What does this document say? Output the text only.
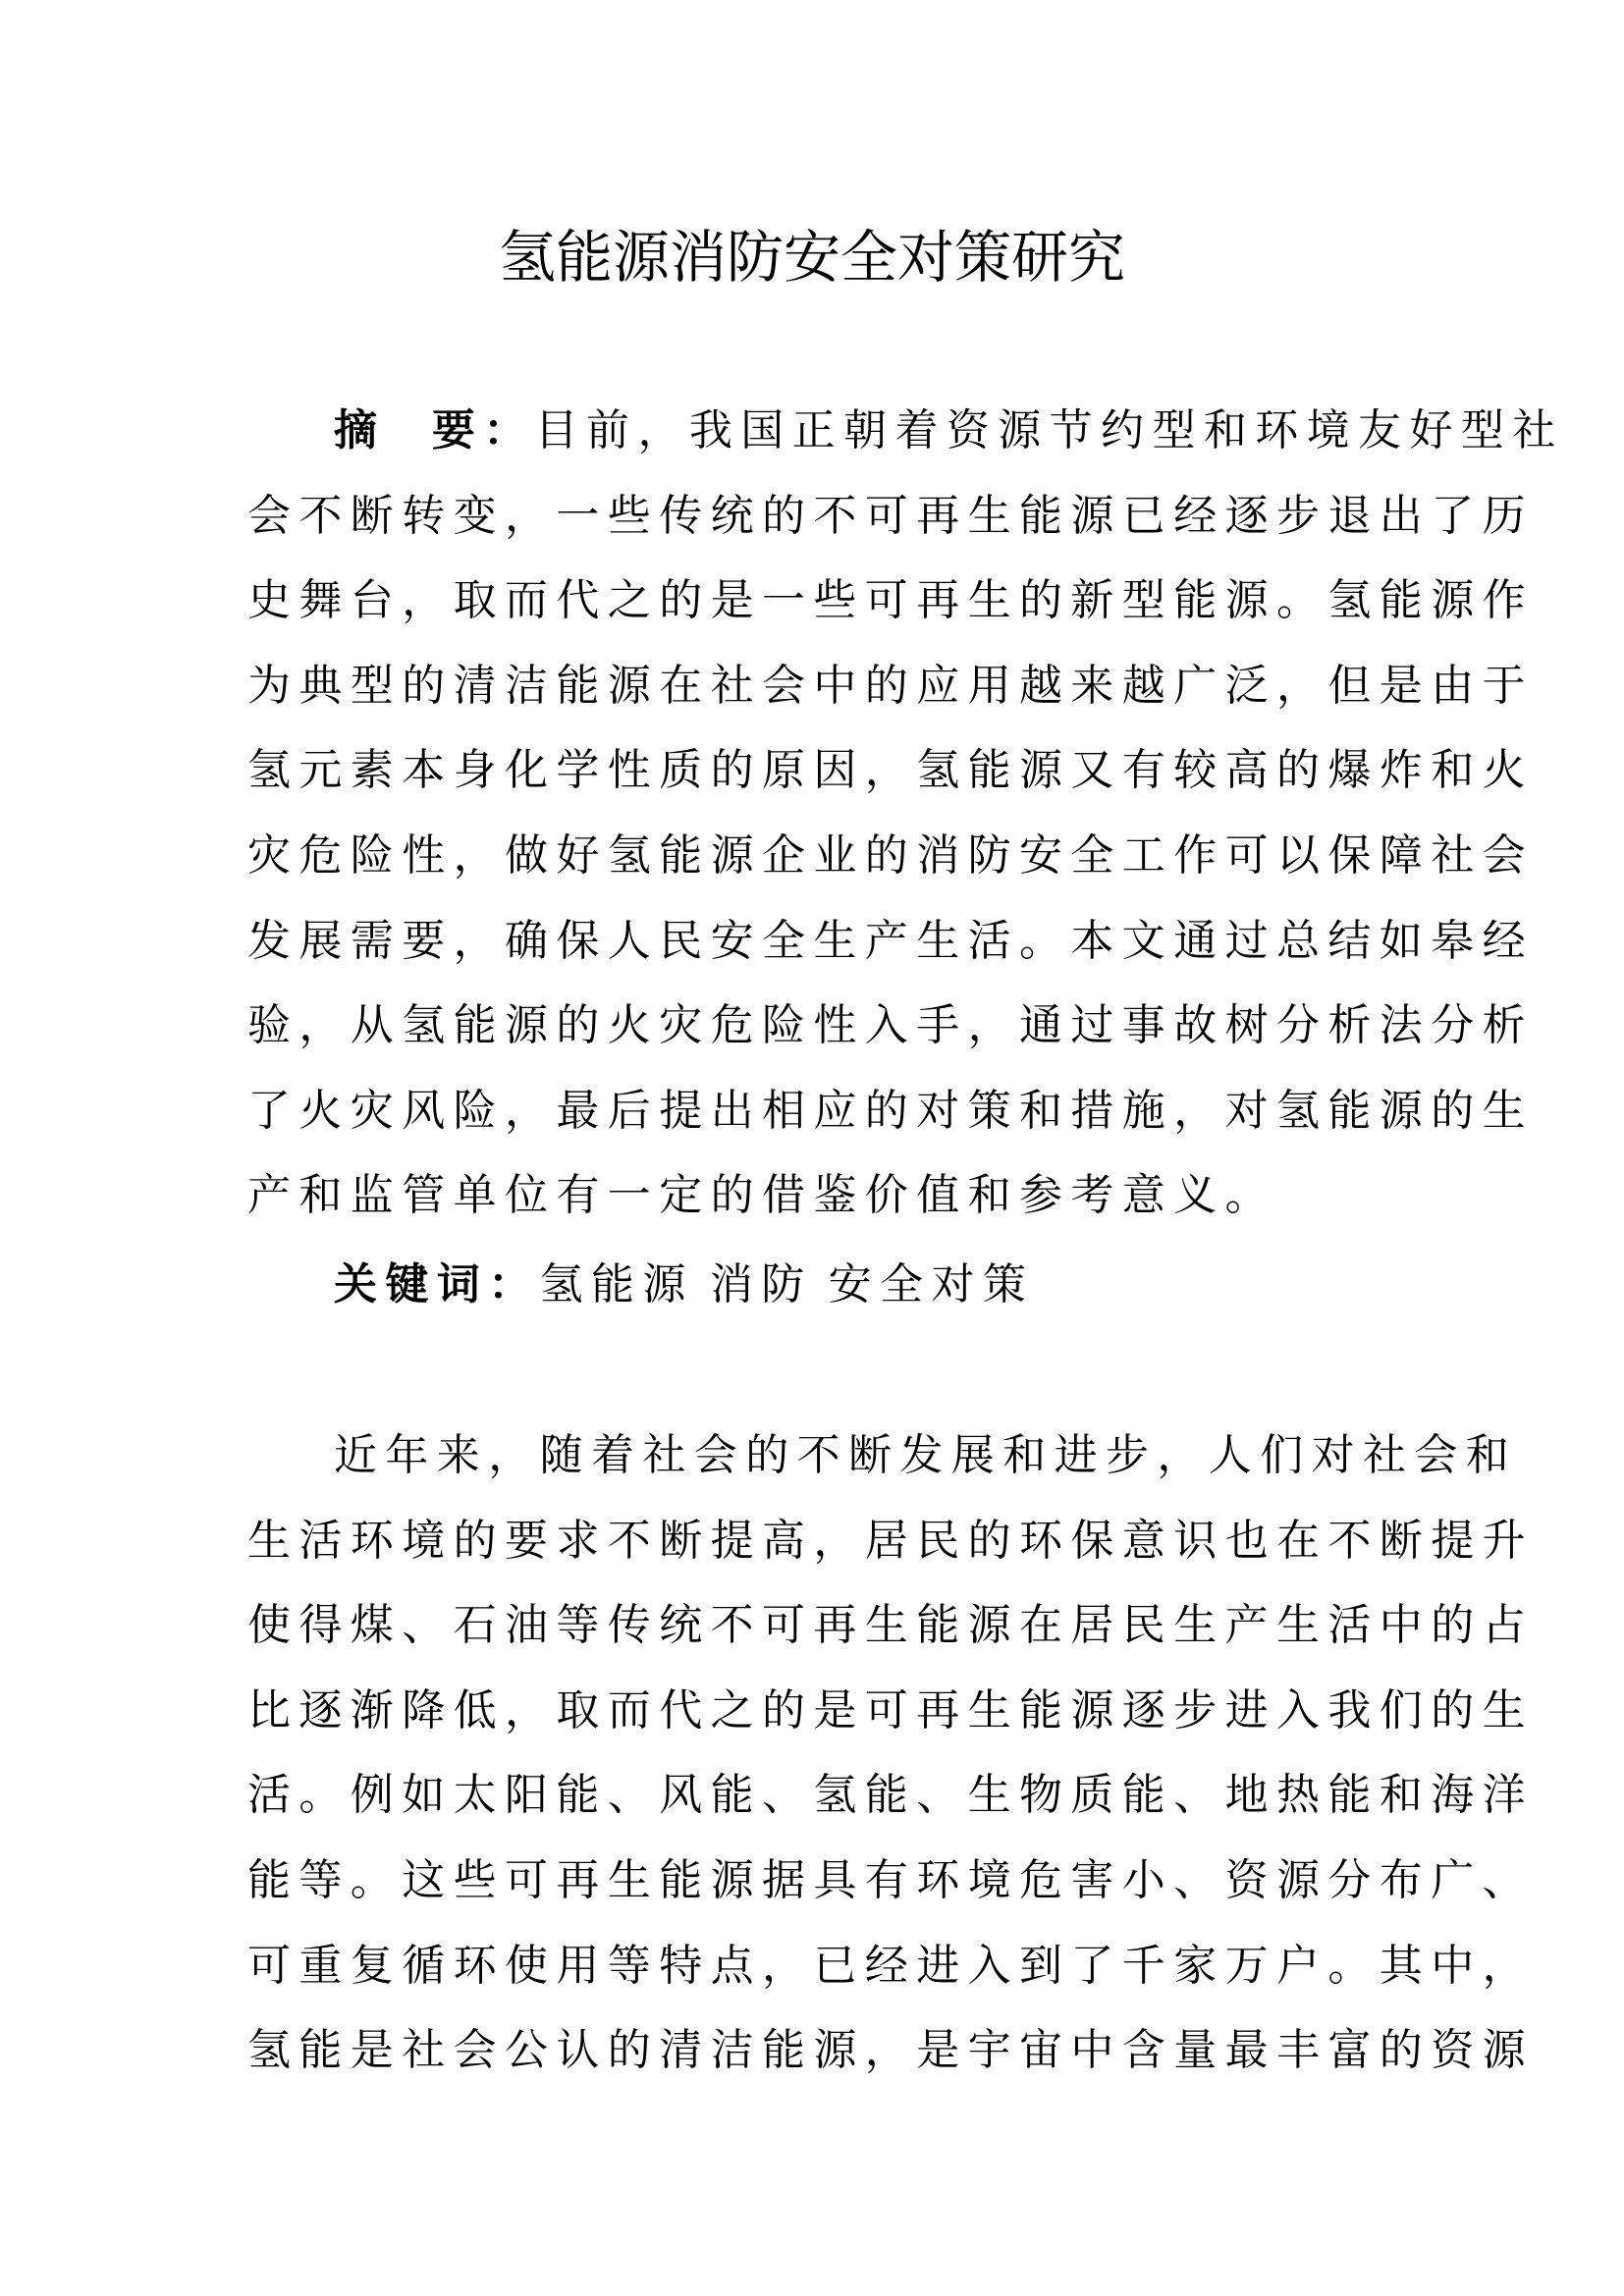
氢能源消防安全对策研究
摘  要：目前，我国正朝着资源节约型和环境友好型社
会不断转变，一些传统的不可再生能源已经逐步退出了历
史舞台，取而代之的是一些可再生的新型能源。氢能源作
为典型的清洁能源在社会中的应用越来越广泛，但是由于
氢元素本身化学性质的原因，氢能源又有较高的爆炸和火
灾危险性，做好氢能源企业的消防安全工作可以保障社会
发展需要，确保人民安全生产生活。本文通过总结如皋经
验，从氢能源的火灾危险性入手，通过事故树分析法分析
了火灾风险，最后提出相应的对策和措施，对氢能源的生
产和监管单位有一定的借鉴价值和参考意义。
关键词：氢能源 消防 安全对策
近年来，随着社会的不断发展和进步，人们对社会和
生活环境的要求不断提高，居民的环保意识也在不断提升
使得煤、石油等传统不可再生能源在居民生产生活中的占
比逐渐降低，取而代之的是可再生能源逐步进入我们的生
活。例如太阳能、风能、氢能、生物质能、地热能和海洋
能等。这些可再生能源据具有环境危害小、资源分布广、
可重复循环使用等特点，已经进入到了千家万户。其中，
氢能是社会公认的清洁能源，是宇宙中含量最丰富的资源
